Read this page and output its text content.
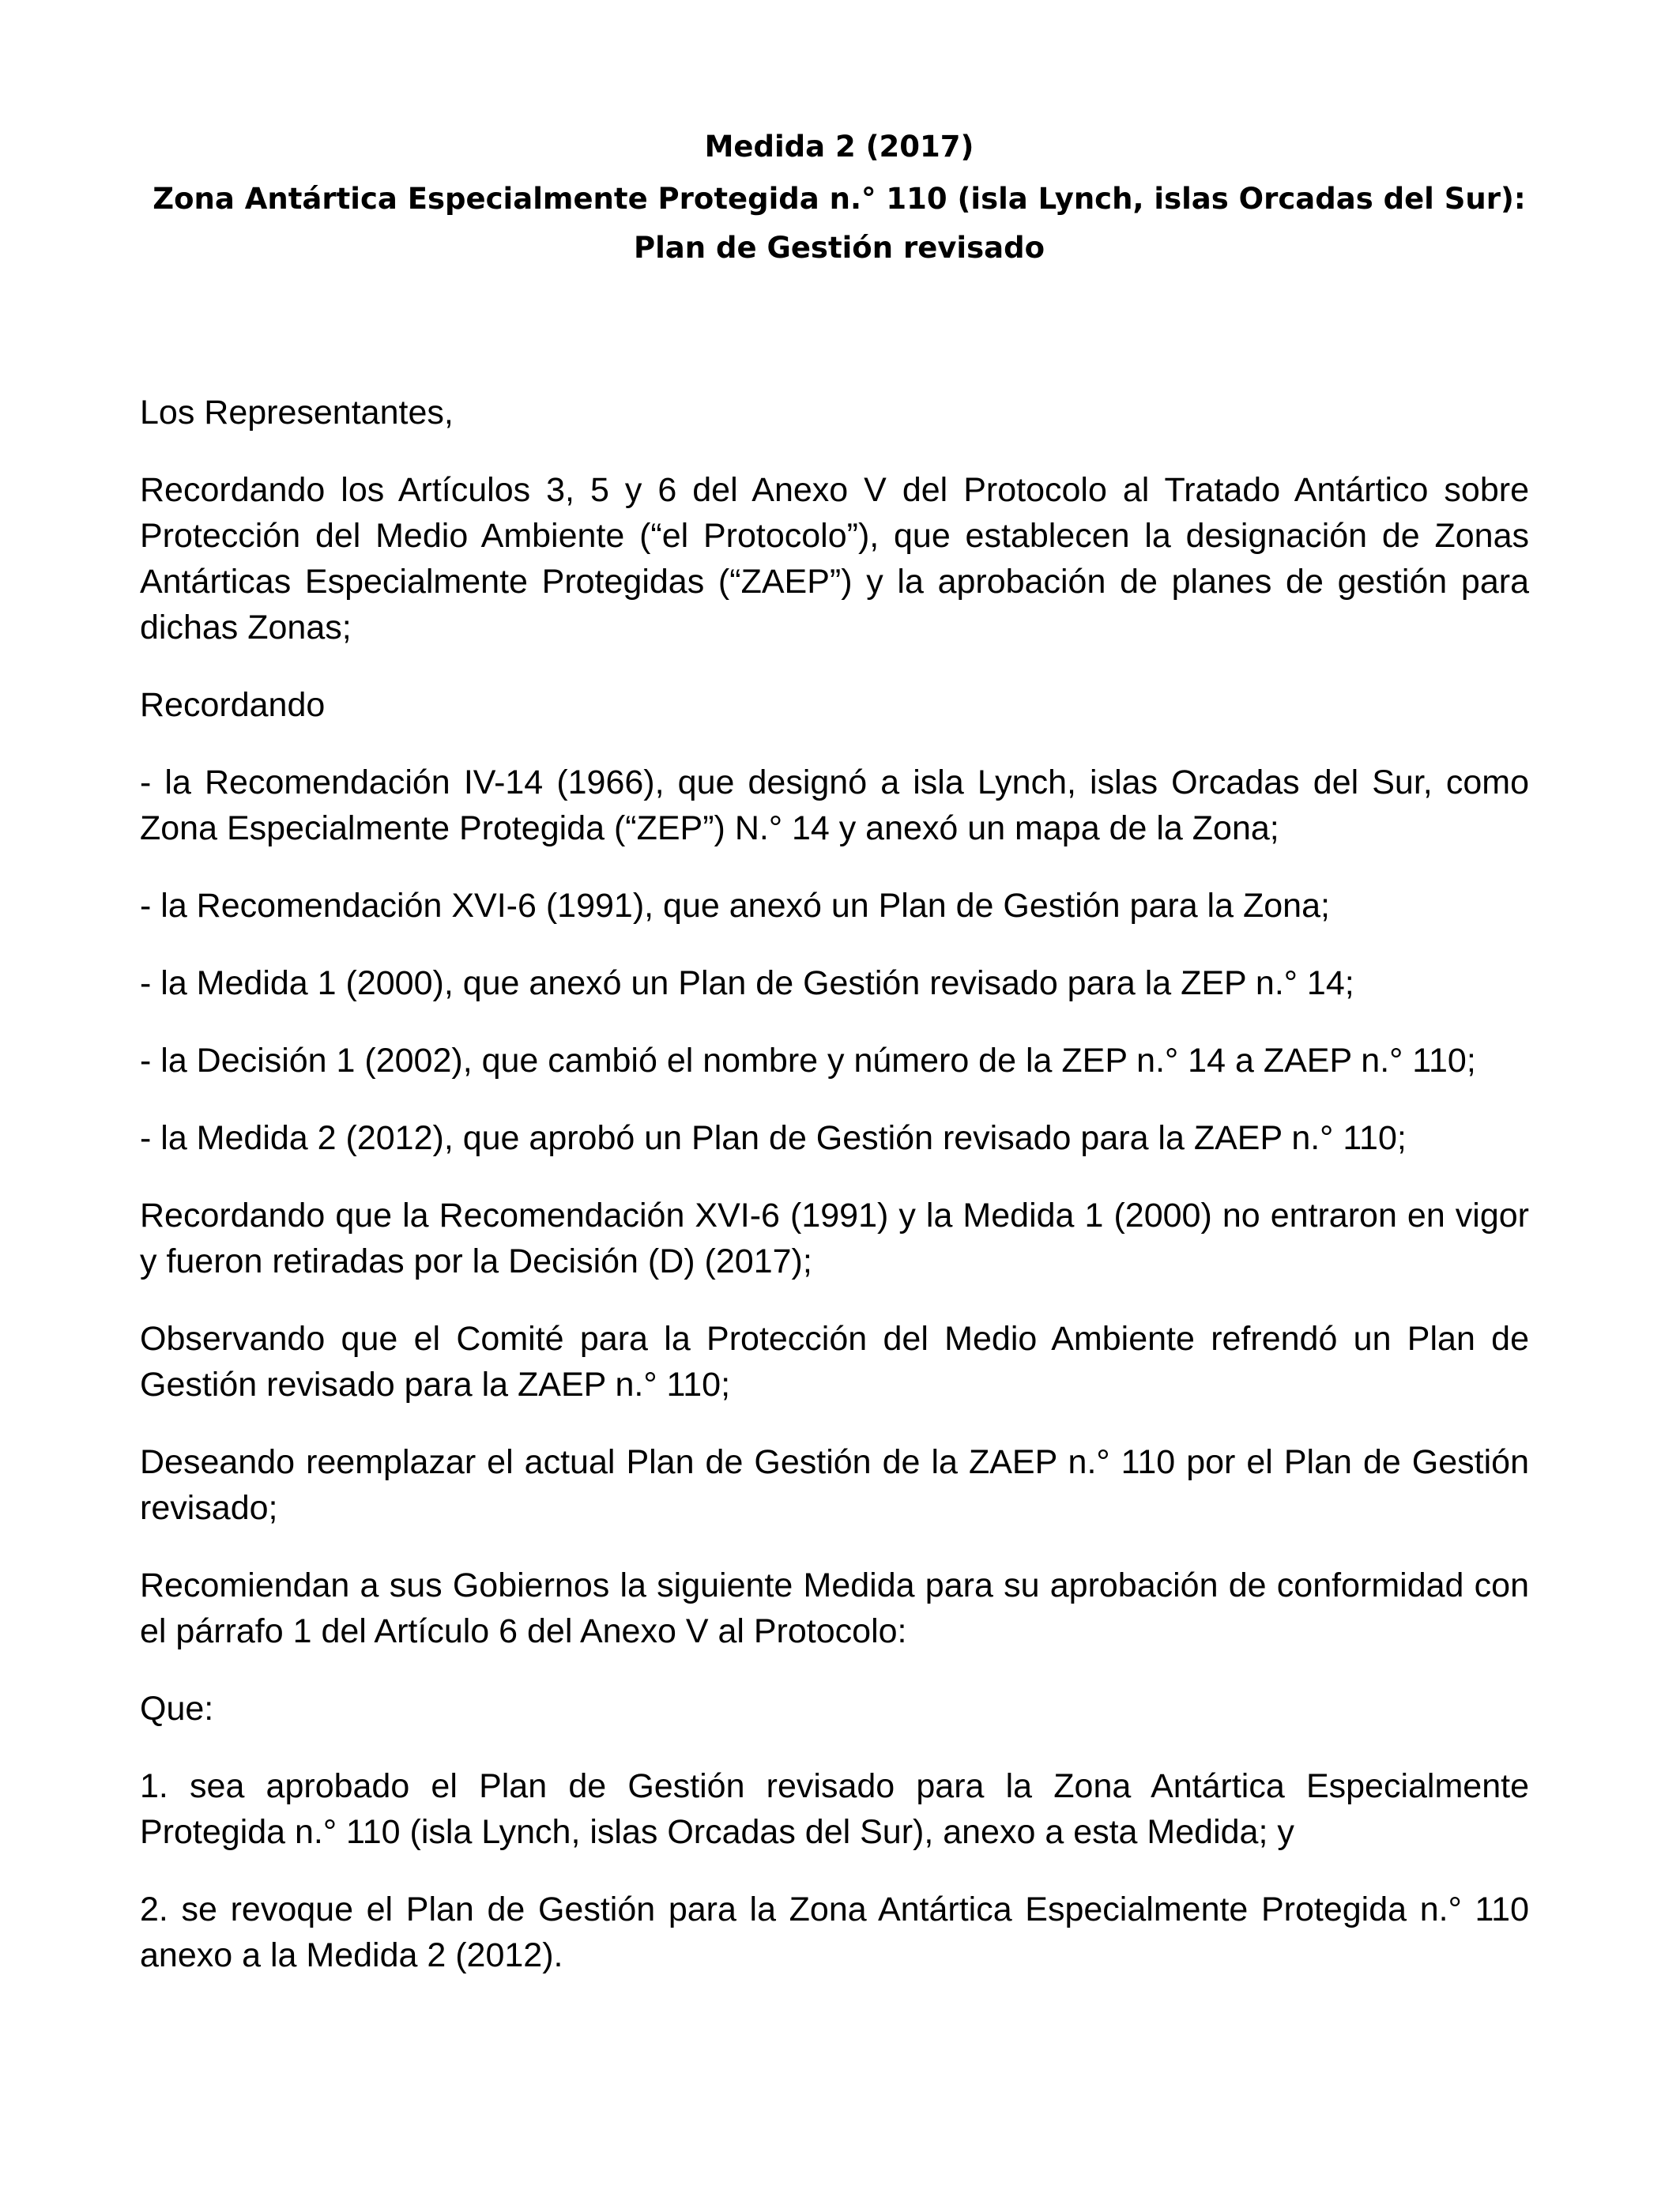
Medida 2 (2017)

Zona Antártica Especialmente Protegida n.° 110 (isla Lynch, islas Orcadas del Sur): Plan de Gestión revisado

Los Representantes,

Recordando los Artículos 3, 5 y 6 del Anexo V del Protocolo al Tratado Antártico sobre Protección del Medio Ambiente (“el Protocolo”), que establecen la designación de Zonas Antárticas Especialmente Protegidas (“ZAEP”) y la aprobación de planes de gestión para dichas Zonas;

Recordando

- la Recomendación IV-14 (1966), que designó a isla Lynch, islas Orcadas del Sur, como Zona Especialmente Protegida (“ZEP”) N.° 14 y anexó un mapa de la Zona;

- la Recomendación XVI-6 (1991), que anexó un Plan de Gestión para la Zona;

- la Medida 1 (2000), que anexó un Plan de Gestión revisado para la ZEP n.° 14;

- la Decisión 1 (2002), que cambió el nombre y número de la ZEP n.° 14 a ZAEP n.° 110;

- la Medida 2 (2012), que aprobó un Plan de Gestión revisado para la ZAEP n.° 110;

Recordando que la Recomendación XVI-6 (1991) y la Medida 1 (2000) no entraron en vigor y fueron retiradas por la Decisión (D) (2017);

Observando que el Comité para la Protección del Medio Ambiente refrendó un Plan de Gestión revisado para la ZAEP n.° 110;

Deseando reemplazar el actual Plan de Gestión de la ZAEP n.° 110 por el Plan de Gestión revisado;

Recomiendan a sus Gobiernos la siguiente Medida para su aprobación de conformidad con el párrafo 1 del Artículo 6 del Anexo V al Protocolo:

Que:

1. sea aprobado el Plan de Gestión revisado para la Zona Antártica Especialmente Protegida n.° 110 (isla Lynch, islas Orcadas del Sur), anexo a esta Medida; y

2. se revoque el Plan de Gestión para la Zona Antártica Especialmente Protegida n.° 110 anexo a la Medida 2 (2012).
